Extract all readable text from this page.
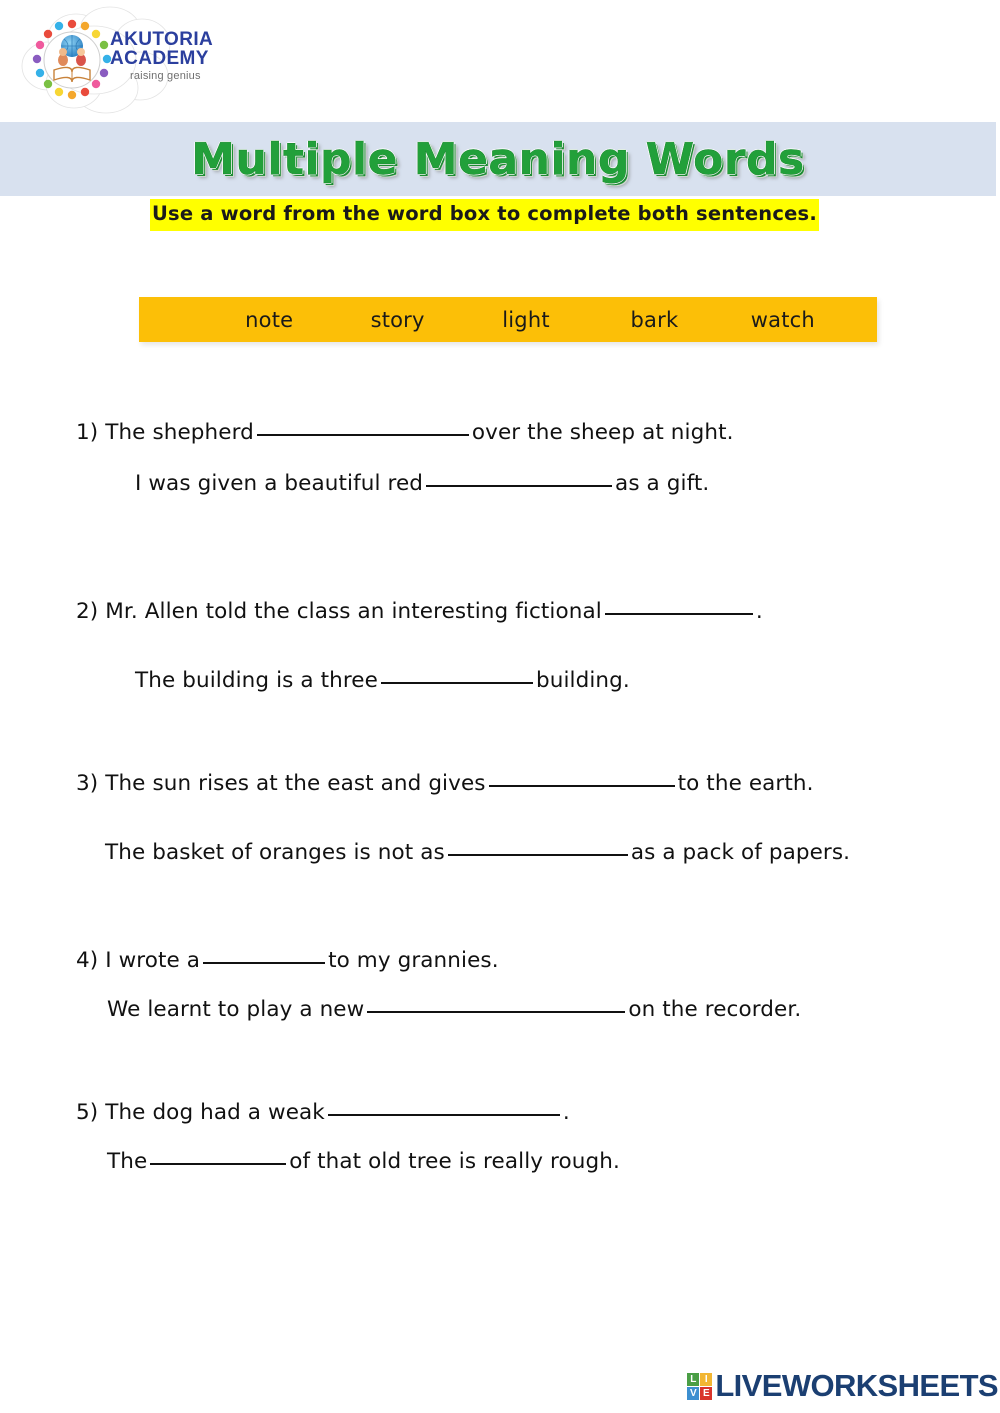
AKUTORIA
ACADEMY
raising genius
Multiple Meaning Words
Use a word from the word box to complete both sentences.
note	story	light	bark	watch
1) The shepherd	over the sheep at night.
I was given a beautiful red	as a gift.
2) Mr. Allen told the class an interesting fictional	.
The building is a three	building.
3) The sun rises at the east and gives	to the earth.
The basket of oranges is not as	as a pack of papers.
4) I wrote a	to my grannies.
We learnt to play a new	on the recorder.
5) The dog had a weak	.
The	of that old tree is really rough.
L I
V E LIVEWORKSHEETS
